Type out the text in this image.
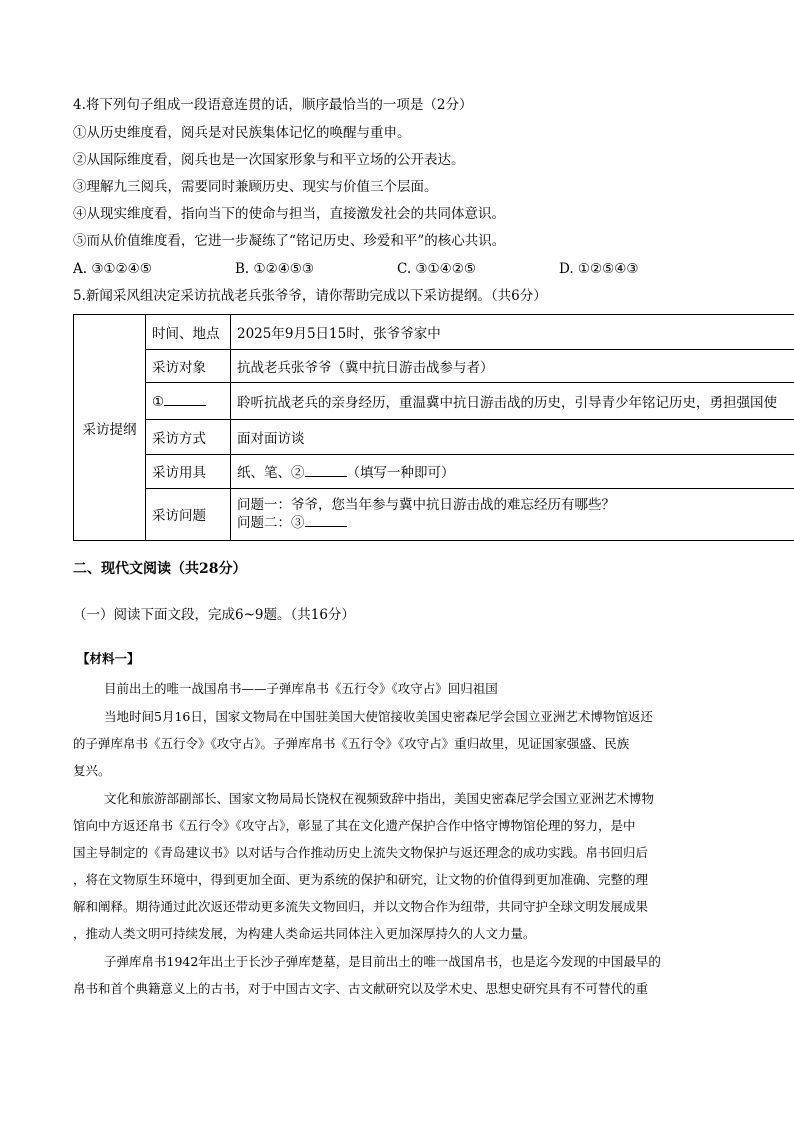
4.将下列句子组成一段语意连贯的话，顺序最恰当的一项是（2分）
①从历史维度看，阅兵是对民族集体记忆的唤醒与重申。
②从国际维度看，阅兵也是一次国家形象与和平立场的公开表达。
③理解九三阅兵，需要同时兼顾历史、现实与价值三个层面。
④从现实维度看，指向当下的使命与担当，直接激发社会的共同体意识。
⑤而从价值维度看，它进一步凝练了“铭记历史、珍爱和平”的核心共识。
A. ③①②④⑤	B. ①②④⑤③	C. ③①④②⑤	D. ①②⑤④③
5.新闻采风组决定采访抗战老兵张爷爷，请你帮助完成以下采访提纲。（共6分）
采访提纲	时间、地点	2025年9月5日15时，张爷爷家中
	采访对象	抗战老兵张爷爷（冀中抗日游击战参与者）
	①	聆听抗战老兵的亲身经历，重温冀中抗日游击战的历史，引导青少年铭记历史，勇担强国使
	采访方式	面对面访谈
	采访用具	纸、笔、② （填写一种即可）
	采访问题	问题一：爷爷，您当年参与冀中抗日游击战的难忘经历有哪些？
问题二：③
二、现代文阅读（共28分）
（一）阅读下面文段，完成6~9题。（共16分）
【材料一】
目前出土的唯一战国帛书——子弹库帛书《五行令》《攻守占》回归祖国
当地时间5月16日，国家文物局在中国驻美国大使馆接收美国史密森尼学会国立亚洲艺术博物馆返还
的子弹库帛书《五行令》《攻守占》。子弹库帛书《五行令》《攻守占》重归故里，见证国家强盛、民族
复兴。
文化和旅游部副部长、国家文物局局长饶权在视频致辞中指出，美国史密森尼学会国立亚洲艺术博物
馆向中方返还帛书《五行令》《攻守占》，彰显了其在文化遗产保护合作中恪守博物馆伦理的努力，是中
国主导制定的《青岛建议书》以对话与合作推动历史上流失文物保护与返还理念的成功实践。帛书回归后
，将在文物原生环境中，得到更加全面、更为系统的保护和研究，让文物的价值得到更加准确、完整的理
解和阐释。期待通过此次返还带动更多流失文物回归，并以文物合作为纽带，共同守护全球文明发展成果
，推动人类文明可持续发展，为构建人类命运共同体注入更加深厚持久的人文力量。
子弹库帛书1942年出土于长沙子弹库楚墓，是目前出土的唯一战国帛书，也是迄今发现的中国最早的
帛书和首个典籍意义上的古书，对于中国古文字、古文献研究以及学术史、思想史研究具有不可替代的重
